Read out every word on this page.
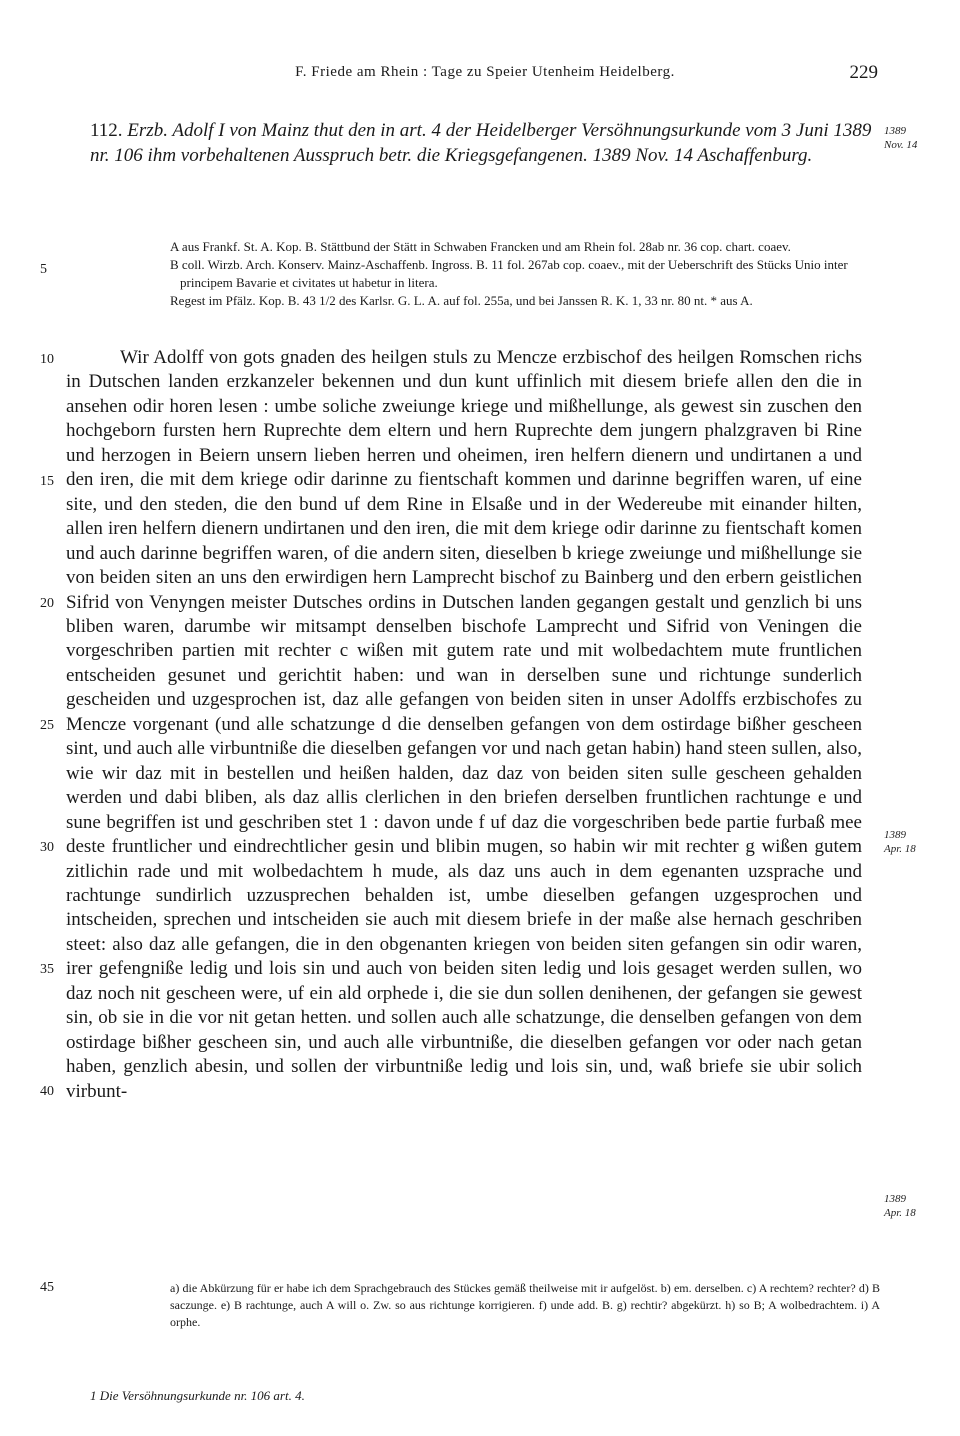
F. Friede am Rhein : Tage zu Speier Utenheim Heidelberg.	229
112. Erzb. Adolf I von Mainz thut den in art. 4 der Heidelberger Versöhnungsurkunde vom 3 Juni 1389 nr. 106 ihm vorbehaltenen Ausspruch betr. die Kriegsgefangenen. 1389 Nov. 14 Aschaffenburg.
1389
Nov. 14
1389
Apr. 18
1389
Apr. 18

A aus Frankf. St. A. Kop. B. Stättbund der Stätt in Schwaben Francken und am Rhein fol. 28ab nr. 36 cop. chart. coaev.

B coll. Wirzb. Arch. Konserv. Mainz-Aschaffenb. Ingross. B. 11 fol. 267ab cop. coaev., mit der Ueberschrift des Stücks Unio inter principem Bavarie et civitates ut habetur in litera.

Regest im Pfälz. Kop. B. 43 1/2 des Karlsr. G. L. A. auf fol. 255a, und bei Janssen R. K. 1, 33 nr. 80 nt. * aus A.

5
10
15
20
25
30
35
40
45

Wir Adolff von gots gnaden des heilgen stuls zu Mencze erzbischof des heilgen Romschen richs in Dutschen landen erzkanzeler bekennen und dun kunt uffinlich mit diesem briefe allen den die in ansehen odir horen lesen : umbe soliche zweiunge kriege und mißhellunge, als gewest sin zuschen den hochgeborn fursten hern Ruprechte dem eltern und hern Ruprechte dem jungern phalzgraven bi Rine und herzogen in Beiern unsern lieben herren und oheimen, iren helfern dienern und undirtanen a und den iren, die mit dem kriege odir darinne zu fientschaft kommen und darinne begriffen waren, uf eine site, und den steden, die den bund uf dem Rine in Elsaße und in der Wedereube mit einander hilten, allen iren helfern dienern undirtanen und den iren, die mit dem kriege odir darinne zu fientschaft komen und auch darinne begriffen waren, of die andern siten, dieselben b kriege zweiunge und mißhellunge sie von beiden siten an uns den erwirdigen hern Lamprecht bischof zu Bainberg und den erbern geistlichen Sifrid von Venyngen meister Dutsches ordins in Dutschen landen gegangen gestalt und genzlich bi uns bliben waren, darumbe wir mitsampt denselben bischofe Lamprecht und Sifrid von Veningen die vorgeschriben partien mit rechter c wißen mit gutem rate und mit wolbedachtem mute fruntlichen entscheiden gesunet und gerichtit haben: und wan in derselben sune und richtunge sunderlich gescheiden und uzgesprochen ist, daz alle gefangen von beiden siten in unser Adolffs erzbischofes zu Mencze vorgenant (und alle schatzunge d die denselben gefangen von dem ostirdage bißher gescheen sint, und auch alle virbuntniße die dieselben gefangen vor und nach getan habin) hand steen sullen, also, wie wir daz mit in bestellen und heißen halden, daz daz von beiden siten sulle gescheen gehalden werden und dabi bliben, als daz allis clerlichen in den briefen derselben fruntlichen rachtunge e und sune begriffen ist und geschriben stet 1 : davon unde f uf daz die vorgeschriben bede partie furbaß mee deste fruntlicher und eindrechtlicher gesin und blibin mugen, so habin wir mit rechter g wißen gutem zitlichin rade und mit wolbedachtem h mude, als daz uns auch in dem egenanten uzsprache und rachtunge sundirlich uzzusprechen behalden ist, umbe dieselben gefangen uzgesprochen und intscheiden, sprechen und intscheiden sie auch mit diesem briefe in der maße alse hernach geschriben steet: also daz alle gefangen, die in den obgenanten kriegen von beiden siten gefangen sin odir waren, irer gefengniße ledig und lois sin und auch von beiden siten ledig und lois gesaget werden sullen, wo daz noch nit gescheen were, uf ein ald orphede i, die sie dun sollen denihenen, der gefangen sie gewest sin, ob sie in die vor nit getan hetten. und sollen auch alle schatzunge, die denselben gefangen von dem ostirdage bißher gescheen sin, und auch alle virbuntniße, die dieselben gefangen vor oder nach getan haben, genzlich abesin, und sollen der virbuntniße ledig und lois sin, und, waß briefe sie ubir solich virbunt-

a) die Abkürzung für er habe ich dem Sprachgebrauch des Stückes gemäß theilweise mit ir aufgelöst. b) em. derselben. c) A rechtem? rechter? d) B saczunge. e) B rachtunge, auch A will o. Zw. so aus richtunge korrigieren. f) unde add. B. g) rechtir? abgekürzt. h) so B; A wolbedrachtem. i) A orphe.

1 Die Versöhnungsurkunde nr. 106 art. 4.
